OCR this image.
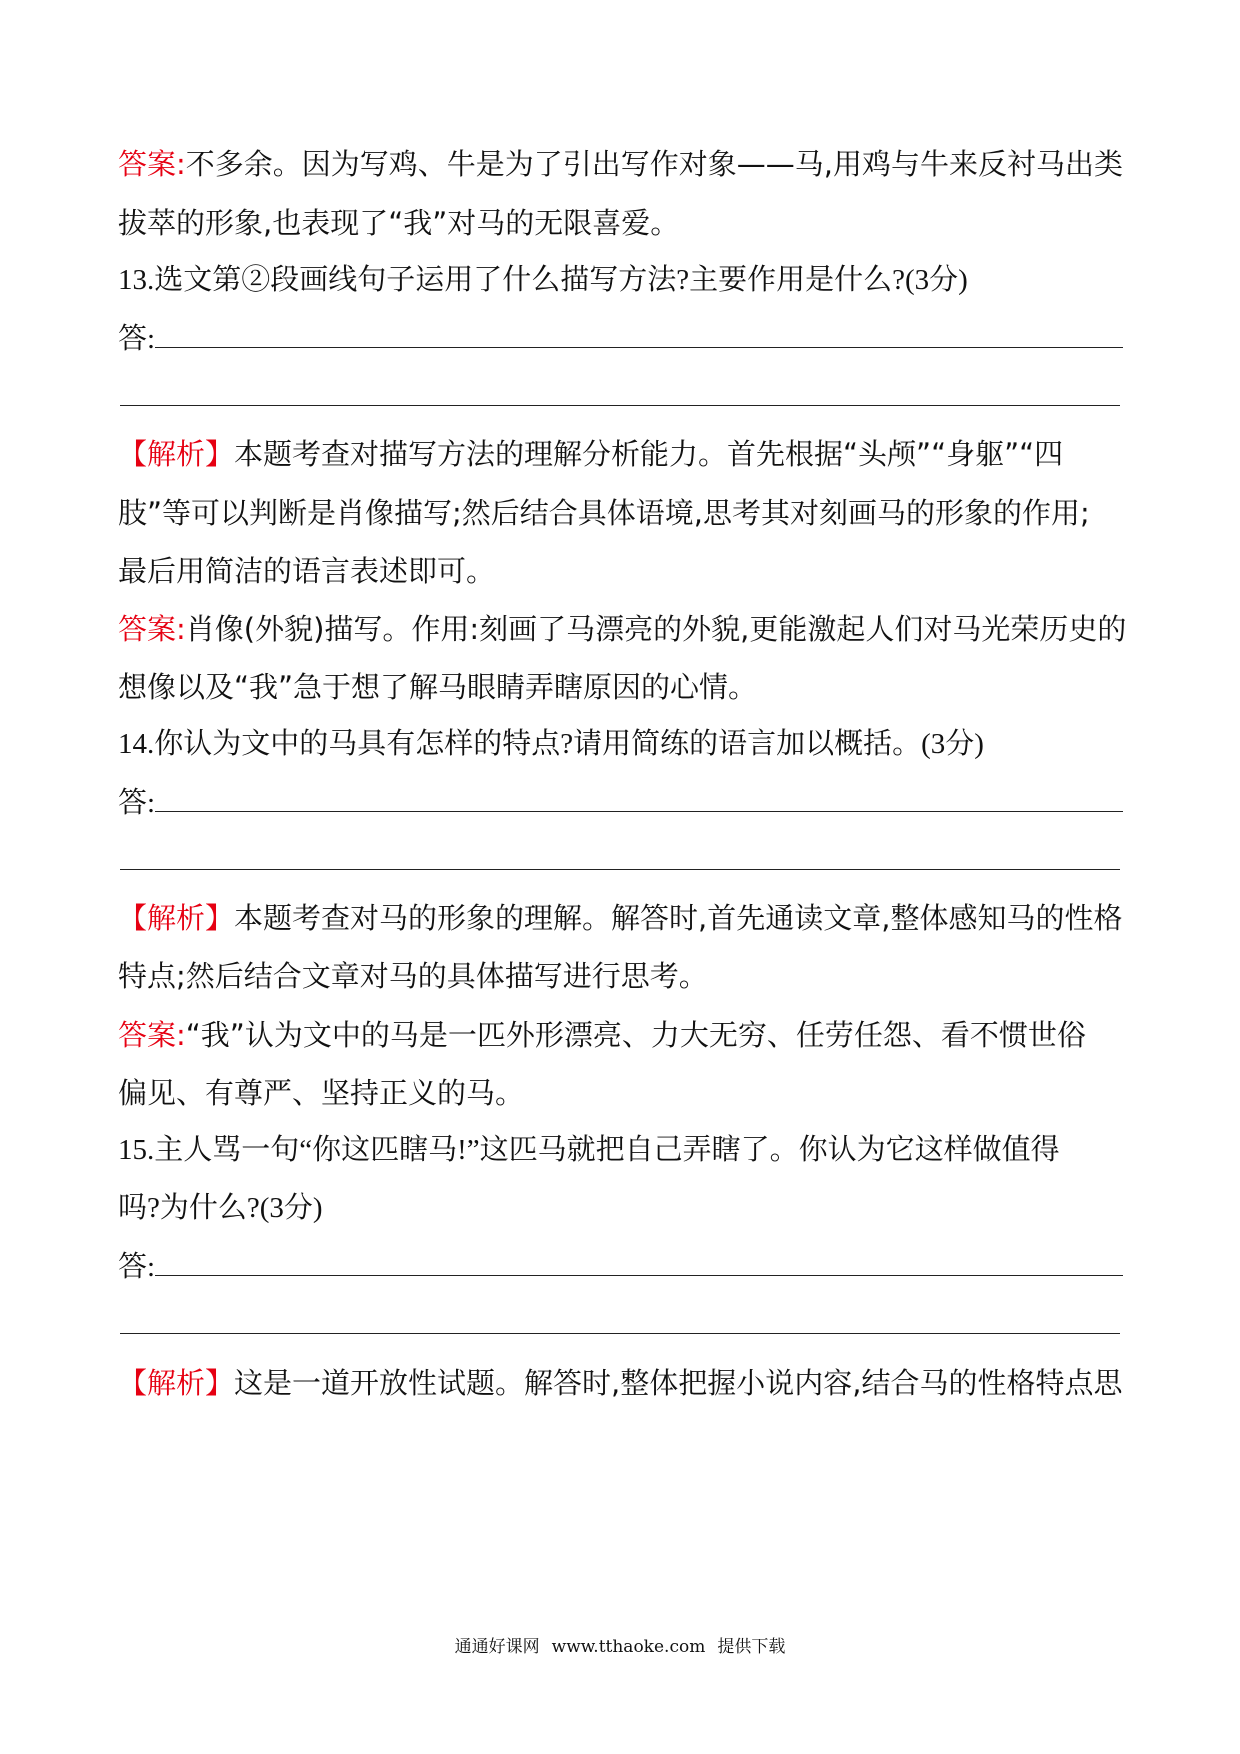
答案:不多余。因为写鸡、牛是为了引出写作对象——马,用鸡与牛来反衬马出类
拔萃的形象,也表现了“我”对马的无限喜爱。
13.选文第②段画线句子运用了什么描写方法?主要作用是什么?(3分)
答:
【解析】本题考查对描写方法的理解分析能力。首先根据“头颅”“身躯”“四
肢”等可以判断是肖像描写;然后结合具体语境,思考其对刻画马的形象的作用;
最后用简洁的语言表述即可。
答案:肖像(外貌)描写。作用:刻画了马漂亮的外貌,更能激起人们对马光荣历史的
想像以及“我”急于想了解马眼睛弄瞎原因的心情。
14.你认为文中的马具有怎样的特点?请用简练的语言加以概括。(3分)
答:
【解析】本题考查对马的形象的理解。解答时,首先通读文章,整体感知马的性格
特点;然后结合文章对马的具体描写进行思考。
答案:“我”认为文中的马是一匹外形漂亮、力大无穷、任劳任怨、看不惯世俗
偏见、有尊严、坚持正义的马。
15.主人骂一句“你这匹瞎马!”这匹马就把自己弄瞎了。你认为它这样做值得
吗?为什么?(3分)
答:
【解析】这是一道开放性试题。解答时,整体把握小说内容,结合马的性格特点思
通通好课网 www.tthaoke.com 提供下载
